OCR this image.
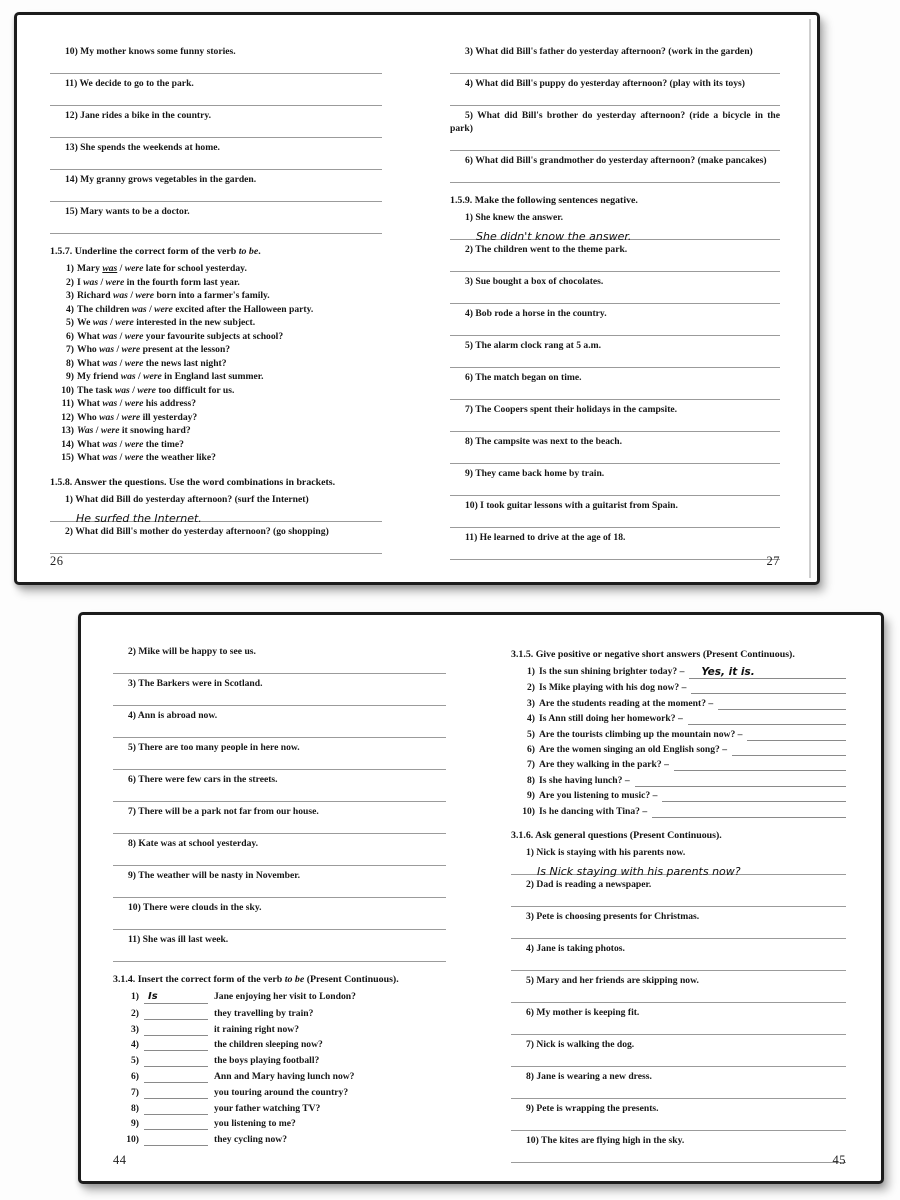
10) My mother knows some funny stories.
11) We decide to go to the park.
12) Jane rides a bike in the country.
13) She spends the weekends at home.
14) My granny grows vegetables in the garden.
15) Mary wants to be a doctor.
1.5.7. Underline the correct form of the verb to be.
1) Mary was / were late for school yesterday.
2) I was / were in the fourth form last year.
3) Richard was / were born into a farmer's family.
4) The children was / were excited after the Halloween party.
5) We was / were interested in the new subject.
6) What was / were your favourite subjects at school?
7) Who was / were present at the lesson?
8) What was / were the news last night?
9) My friend was / were in England last summer.
10) The task was / were too difficult for us.
11) What was / were his address?
12) Who was / were ill yesterday?
13) Was / were it snowing hard?
14) What was / were the time?
15) What was / were the weather like?
1.5.8. Answer the questions. Use the word combinations in brackets.
1) What did Bill do yesterday afternoon? (surf the Internet)
He surfed the Internet.
2) What did Bill's mother do yesterday afternoon? (go shopping)
26
3) What did Bill's father do yesterday afternoon? (work in the garden)
4) What did Bill's puppy do yesterday afternoon? (play with its toys)
5) What did Bill's brother do yesterday afternoon? (ride a bicycle in the park)
6) What did Bill's grandmother do yesterday afternoon? (make pancakes)
1.5.9. Make the following sentences negative.
1) She knew the answer.
She didn't know the answer.
2) The children went to the theme park.
3) Sue bought a box of chocolates.
4) Bob rode a horse in the country.
5) The alarm clock rang at 5 a.m.
6) The match began on time.
7) The Coopers spent their holidays in the campsite.
8) The campsite was next to the beach.
9) They came back home by train.
10) I took guitar lessons with a guitarist from Spain.
11) He learned to drive at the age of 18.
27
2) Mike will be happy to see us.
3) The Barkers were in Scotland.
4) Ann is abroad now.
5) There are too many people in here now.
6) There were few cars in the streets.
7) There will be a park not far from our house.
8) Kate was at school yesterday.
9) The weather will be nasty in November.
10) There were clouds in the sky.
11) She was ill last week.
3.1.4. Insert the correct form of the verb to be (Present Continuous).
1) Is	Jane enjoying her visit to London?
2)	they travelling by train?
3)	it raining right now?
4)	the children sleeping now?
5)	the boys playing football?
6)	Ann and Mary having lunch now?
7)	you touring around the country?
8)	your father watching TV?
9)	you listening to me?
10)	they cycling now?
44
3.1.5. Give positive or negative short answers (Present Continuous).
1) Is the sun shining brighter today? –	Yes, it is.
2) Is Mike playing with his dog now? –
3) Are the students reading at the moment? –
4) Is Ann still doing her homework? –
5) Are the tourists climbing up the mountain now? –
6) Are the women singing an old English song? –
7) Are they walking in the park? –
8) Is she having lunch? –
9) Are you listening to music? –
10) Is he dancing with Tina? –
3.1.6. Ask general questions (Present Continuous).
1) Nick is staying with his parents now.
Is Nick staying with his parents now?
2) Dad is reading a newspaper.
3) Pete is choosing presents for Christmas.
4) Jane is taking photos.
5) Mary and her friends are skipping now.
6) My mother is keeping fit.
7) Nick is walking the dog.
8) Jane is wearing a new dress.
9) Pete is wrapping the presents.
10) The kites are flying high in the sky.
45
